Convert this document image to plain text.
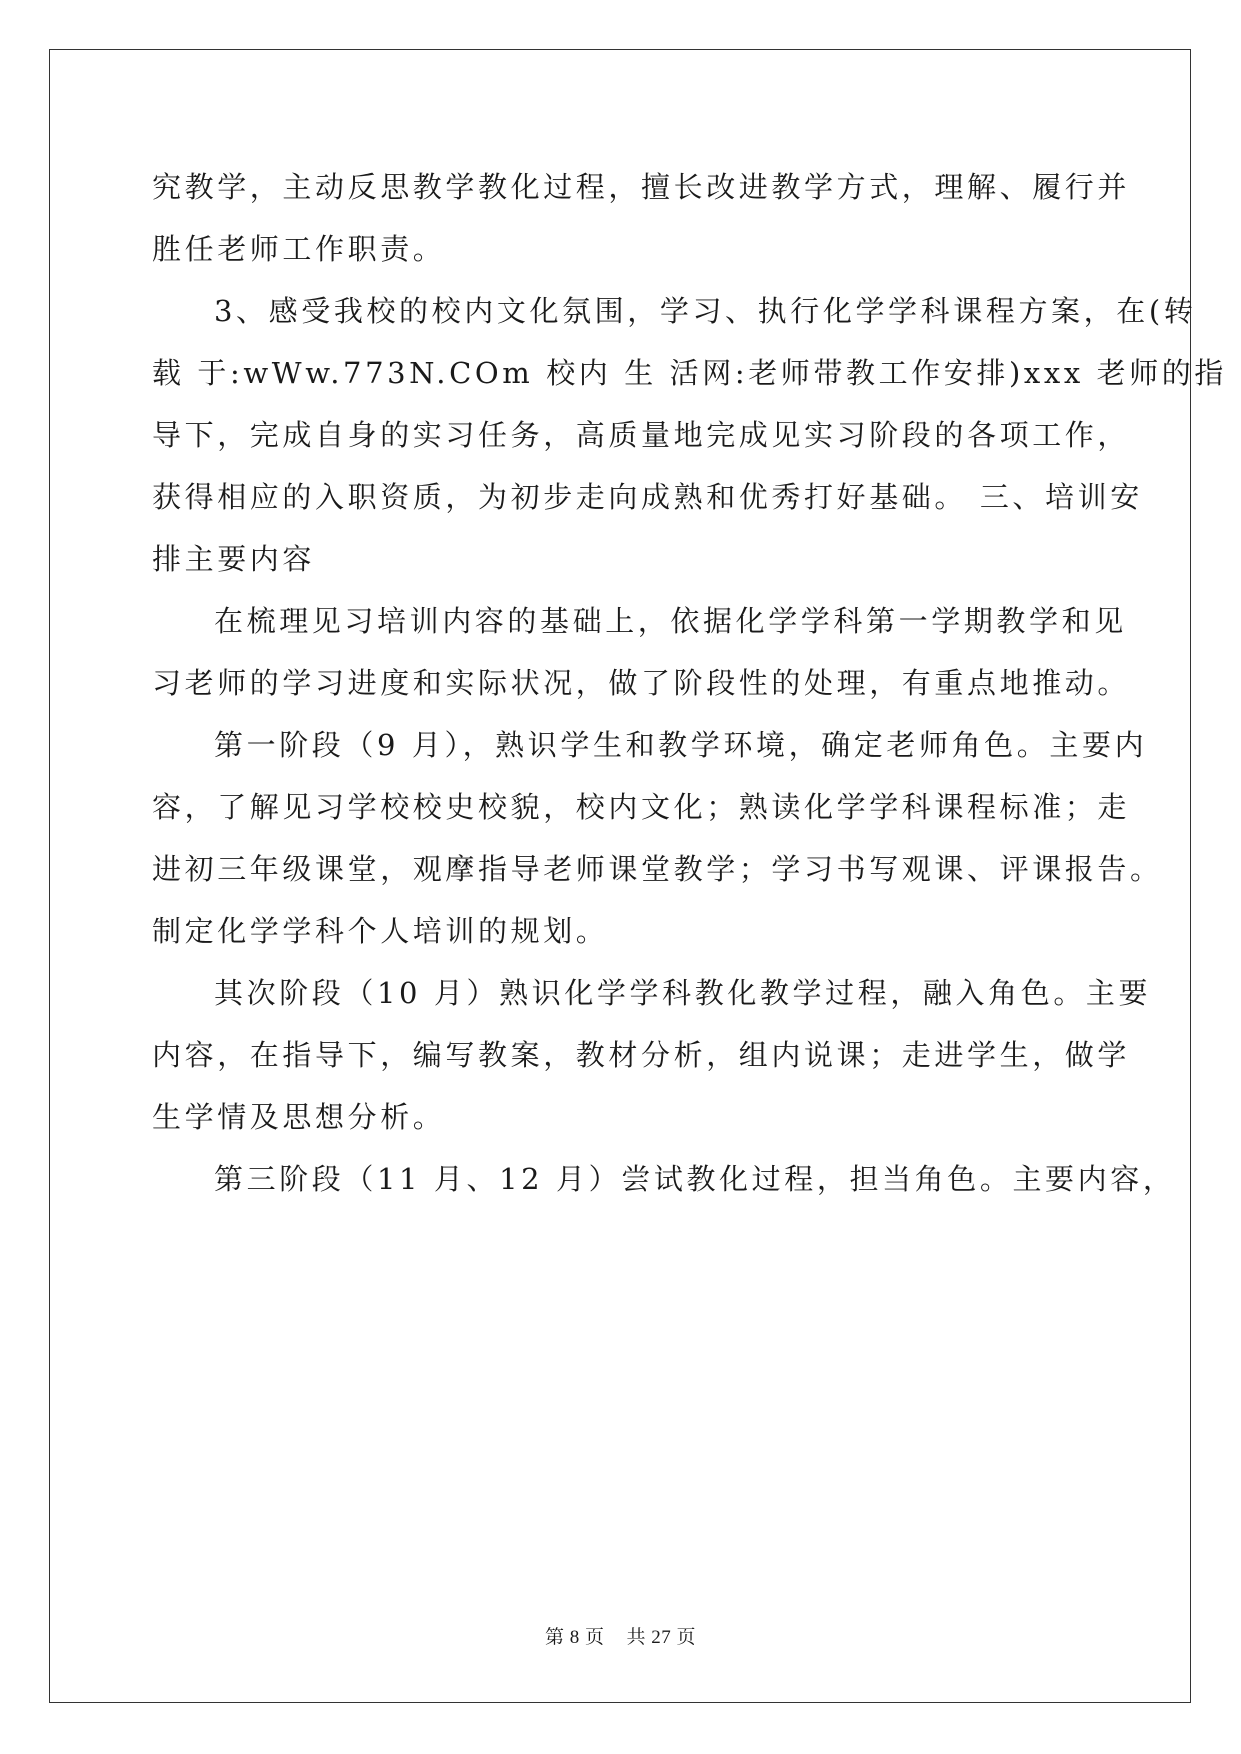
究教学，主动反思教学教化过程，擅长改进教学方式，理解、履行并
胜任老师工作职责。
3、感受我校的校内文化氛围，学习、执行化学学科课程方案，在(转
载 于:wWw.773N.COm 校内 生 活网:老师带教工作安排)xxx 老师的指
导下，完成自身的实习任务，高质量地完成见实习阶段的各项工作，
获得相应的入职资质，为初步走向成熟和优秀打好基础。 三、培训安
排主要内容
在梳理见习培训内容的基础上，依据化学学科第一学期教学和见
习老师的学习进度和实际状况，做了阶段性的处理，有重点地推动。
第一阶段（9 月），熟识学生和教学环境，确定老师角色。主要内
容，了解见习学校校史校貌，校内文化；熟读化学学科课程标准；走
进初三年级课堂，观摩指导老师课堂教学；学习书写观课、评课报告。
制定化学学科个人培训的规划。
其次阶段（10 月）熟识化学学科教化教学过程，融入角色。主要
内容，在指导下，编写教案，教材分析，组内说课；走进学生，做学
生学情及思想分析。
第三阶段（11 月、12 月）尝试教化过程，担当角色。主要内容，
第 8 页 共 27 页
